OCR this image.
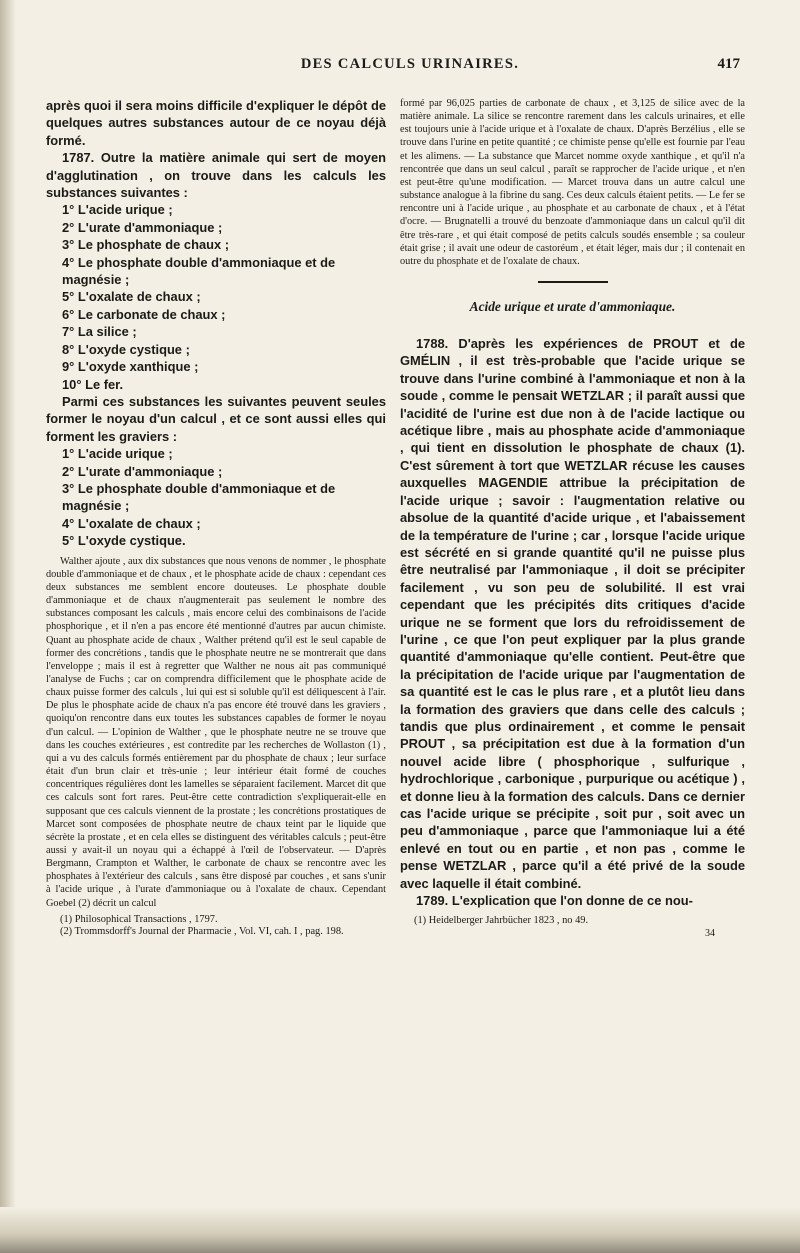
DES CALCULS URINAIRES.	417

après quoi il sera moins difficile d'expliquer le dépôt de quelques autres substances autour de ce noyau déjà formé.

1787. Outre la matière animale qui sert de moyen d'agglutination , on trouve dans les calculs les substances suivantes :

1° L'acide urique ;
2° L'urate d'ammoniaque ;
3° Le phosphate de chaux ;
4° Le phosphate double d'ammoniaque et de magnésie ;
5° L'oxalate de chaux ;
6° Le carbonate de chaux ;
7° La silice ;
8° L'oxyde cystique ;
9° L'oxyde xanthique ;
10° Le fer.

Parmi ces substances les suivantes peuvent seules former le noyau d'un calcul , et ce sont aussi elles qui forment les graviers :

1° L'acide urique ;
2° L'urate d'ammoniaque ;
3° Le phosphate double d'ammoniaque et de magnésie ;
4° L'oxalate de chaux ;
5° L'oxyde cystique.

Walther ajoute , aux dix substances que nous venons de nommer , le phosphate double d'ammoniaque et de chaux , et le phosphate acide de chaux : cependant ces deux substances me semblent encore douteuses. Le phosphate double d'ammoniaque et de chaux n'augmenterait pas seulement le nombre des substances composant les calculs , mais encore celui des combinaisons de l'acide phosphorique , et il n'en a pas encore été mentionné d'autres par aucun chimiste. Quant au phosphate acide de chaux , Walther prétend qu'il est le seul capable de former des concrétions , tandis que le phosphate neutre ne se montrerait que dans l'enveloppe ; mais il est à regretter que Walther ne nous ait pas communiqué l'analyse de Fuchs ; car on comprendra difficilement que le phosphate acide de chaux puisse former des calculs , lui qui est si soluble qu'il est déliquescent à l'air. De plus le phosphate acide de chaux n'a pas encore été trouvé dans les graviers , quoiqu'on rencontre dans eux toutes les substances capables de former le noyau d'un calcul. — L'opinion de Walther , que le phosphate neutre ne se trouve que dans les couches extérieures , est contredite par les recherches de Wollaston (1) , qui a vu des calculs formés entièrement par du phosphate de chaux ; leur surface était d'un brun clair et très-unie ; leur intérieur était formé de couches concentriques régulières dont les lamelles se séparaient facilement. Marcet dit que ces calculs sont fort rares. Peut-être cette contradiction s'expliquerait-elle en supposant que ces calculs viennent de la prostate ; les concrétions prostatiques de Marcet sont composées de phosphate neutre de chaux teint par le liquide que sécrète la prostate , et en cela elles se distinguent des véritables calculs ; peut-être aussi y avait-il un noyau qui a échappé à l'œil de l'observateur. — D'après Bergmann, Crampton et Walther, le carbonate de chaux se rencontre avec les phosphates à l'extérieur des calculs , sans être disposé par couches , et sans s'unir à l'acide urique , à l'urate d'ammoniaque ou à l'oxalate de chaux. Cependant Goebel (2) décrit un calcul

(1) Philosophical Transactions , 1797.

(2) Trommsdorff's Journal der Pharmacie , Vol. VI, cah. I , pag. 198.

formé par 96,025 parties de carbonate de chaux , et 3,125 de silice avec de la matière animale. La silice se rencontre rarement dans les calculs urinaires, et elle est toujours unie à l'acide urique et à l'oxalate de chaux. D'après Berzélius , elle se trouve dans l'urine en petite quantité ; ce chimiste pense qu'elle est fournie par l'eau et les alimens. — La substance que Marcet nomme oxyde xanthique , et qu'il n'a rencontrée que dans un seul calcul , paraît se rapprocher de l'acide urique , et n'en est peut-être qu'une modification. — Marcet trouva dans un autre calcul une substance analogue à la fibrine du sang. Ces deux calculs étaient petits. — Le fer se rencontre uni à l'acide urique , au phosphate et au carbonate de chaux , et à l'état d'ocre. — Brugnatelli a trouvé du benzoate d'ammoniaque dans un calcul qu'il dit être très-rare , et qui était composé de petits calculs soudés ensemble ; sa couleur était grise ; il avait une odeur de castoréum , et était léger, mais dur ; il contenait en outre du phosphate et de l'oxalate de chaux.

Acide urique et urate d'ammoniaque.

1788. D'après les expériences de PROUT et de GMÉLIN , il est très-probable que l'acide urique se trouve dans l'urine combiné à l'ammoniaque et non à la soude , comme le pensait WETZLAR ; il paraît aussi que l'acidité de l'urine est due non à de l'acide lactique ou acétique libre , mais au phosphate acide d'ammoniaque , qui tient en dissolution le phosphate de chaux (1). C'est sûrement à tort que WETZLAR récuse les causes auxquelles MAGENDIE attribue la précipitation de l'acide urique ; savoir : l'augmentation relative ou absolue de la quantité d'acide urique , et l'abaissement de la température de l'urine ; car , lorsque l'acide urique est sécrété en si grande quantité qu'il ne puisse plus être neutralisé par l'ammoniaque , il doit se précipiter facilement , vu son peu de solubilité. Il est vrai cependant que les précipités dits critiques d'acide urique ne se forment que lors du refroidissement de l'urine , ce que l'on peut expliquer par la plus grande quantité d'ammoniaque qu'elle contient. Peut-être que la précipitation de l'acide urique par l'augmentation de sa quantité est le cas le plus rare , et a plutôt lieu dans la formation des graviers que dans celle des calculs ; tandis que plus ordinairement , et comme le pensait PROUT , sa précipitation est due à la formation d'un nouvel acide libre ( phosphorique , sulfurique , hydrochlorique , carbonique , purpurique ou acétique ) , et donne lieu à la formation des calculs. Dans ce dernier cas l'acide urique se précipite , soit pur , soit avec un peu d'ammoniaque , parce que l'ammoniaque lui a été enlevé en tout ou en partie , et non pas , comme le pense WETZLAR , parce qu'il a été privé de la soude avec laquelle il était combiné.

1789. L'explication que l'on donne de ce nou-

(1) Heidelberger Jahrbücher 1823 , no 49.

34
